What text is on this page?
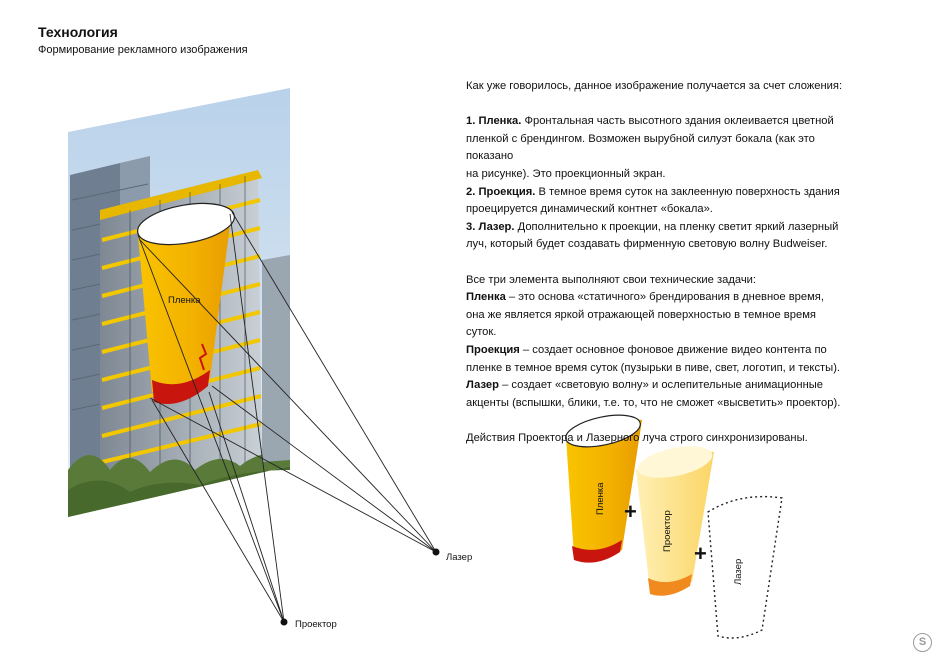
Технология
Формирование рекламного изображения
Пленка
Проектор
Лазер
Пленка +	Проектор
+
Лазер

Как уже говорилось, данное изображение получается за счет сложения:

1. Пленка. Фронтальная часть высотного здания оклеивается цветной
пленкой с брендингом. Возможен вырубной силуэт бокала (как это показано
на рисунке). Это проекционный экран.

2. Проекция. В темное время суток на заклеенную поверхность здания
проецируется динамический контнет «бокала».

3. Лазер. Дополнительно к проекции, на пленку светит яркий лазерный
луч, который будет создавать фирменную световую волну Budweiser.

Все три элемента выполняют свои технические задачи:

Пленка – это основа «статичного» брендирования в дневное время,
она же является яркой отражающей поверхностью в темное время суток.

Проекция – создает основное фоновое движение видео контента по
пленке в темное время суток (пузырьки в пиве, свет, логотип, и тексты).

Лазер – создает «световую волну» и ослепительные анимационные
акценты (вспышки, блики, т.е. то, что не сможет «высветить» проектор).

Действия Проектора и Лазерного луча строго синхронизированы.

S
